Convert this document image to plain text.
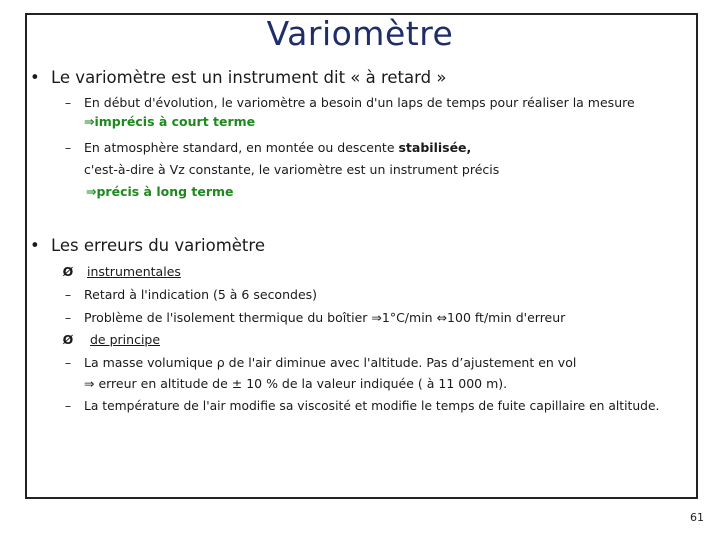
Variomètre
• Le variomètre est un instrument dit « à retard »
–	En début d'évolution, le variomètre a besoin d'un laps de temps pour réaliser la mesure
⇒imprécis à court terme
–	En atmosphère standard, en montée ou descente stabilisée,
c'est-à-dire à Vz constante, le variomètre est un instrument précis
⇒précis à long terme
• Les erreurs du variomètre
Ø instrumentales
–	Retard à l'indication (5 à 6 secondes)
–	Problème de l'isolement thermique du boîtier ⇒1°C/min ⇔100 ft/min d'erreur
Ø de principe
–	La masse volumique ρ de l'air diminue avec l'altitude. Pas d’ajustement en vol
⇒ erreur en altitude de ± 10 % de la valeur indiquée ( à 11 000 m).
–	La température de l'air modifie sa viscosité et modifie le temps de fuite capillaire en altitude.
61
